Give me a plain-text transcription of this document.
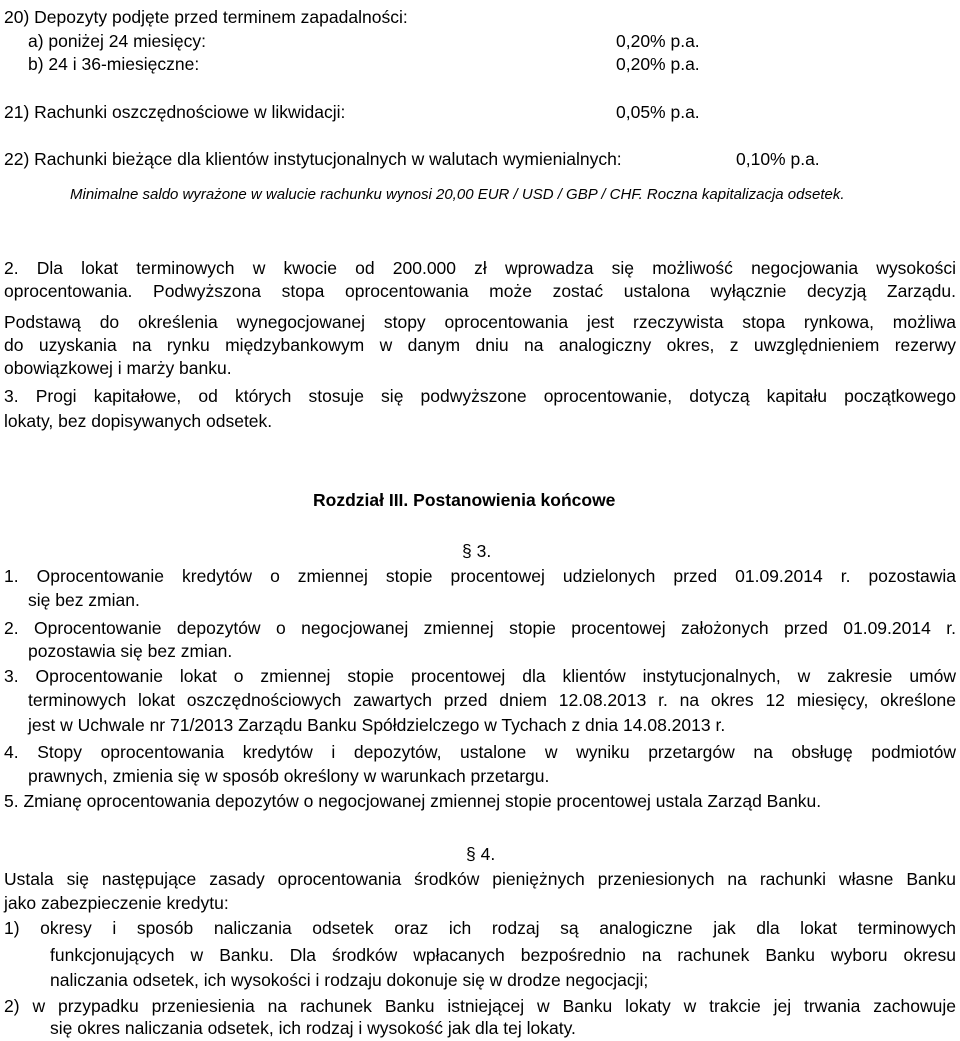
20) Depozyty podjęte przed terminem zapadalności:
a) poniżej 24 miesięcy:	0,20% p.a.
b) 24 i 36-miesięczne:	0,20% p.a.
21) Rachunki oszczędnościowe w likwidacji:	0,05% p.a.
22) Rachunki bieżące dla klientów instytucjonalnych w walutach wymienialnych:	0,10% p.a.
Minimalne saldo wyrażone w walucie rachunku wynosi 20,00 EUR / USD / GBP / CHF. Roczna kapitalizacja odsetek.
2. Dla lokat terminowych w kwocie od 200.000 zł wprowadza się możliwość negocjowania wysokości
oprocentowania. Podwyższona stopa oprocentowania może zostać ustalona wyłącznie decyzją Zarządu.
Podstawą do określenia wynegocjowanej stopy oprocentowania jest rzeczywista stopa rynkowa, możliwa
do uzyskania na rynku międzybankowym w danym dniu na analogiczny okres, z uwzględnieniem rezerwy
obowiązkowej i marży banku.
3. Progi kapitałowe, od których stosuje się podwyższone oprocentowanie, dotyczą kapitału początkowego
lokaty, bez dopisywanych odsetek.
Rozdział III. Postanowienia końcowe
§ 3.
1. Oprocentowanie kredytów o zmiennej stopie procentowej udzielonych przed 01.09.2014 r. pozostawia
się bez zmian.
2. Oprocentowanie depozytów o negocjowanej zmiennej stopie procentowej założonych przed 01.09.2014 r.
pozostawia się bez zmian.
3. Oprocentowanie lokat o zmiennej stopie procentowej dla klientów instytucjonalnych, w zakresie umów
terminowych lokat oszczędnościowych zawartych przed dniem 12.08.2013 r. na okres 12 miesięcy, określone
jest w Uchwale nr 71/2013 Zarządu Banku Spółdzielczego w Tychach z dnia 14.08.2013 r.
4. Stopy oprocentowania kredytów i depozytów, ustalone w wyniku przetargów na obsługę podmiotów
prawnych, zmienia się w sposób określony w warunkach przetargu.
5. Zmianę oprocentowania depozytów o negocjowanej zmiennej stopie procentowej ustala Zarząd Banku.
§ 4.
Ustala się następujące zasady oprocentowania środków pieniężnych przeniesionych na rachunki własne Banku
jako zabezpieczenie kredytu:
1) okresy i sposób naliczania odsetek oraz ich rodzaj są analogiczne jak dla lokat terminowych
funkcjonujących w Banku. Dla środków wpłacanych bezpośrednio na rachunek Banku wyboru okresu
naliczania odsetek, ich wysokości i rodzaju dokonuje się w drodze negocjacji;
2) w przypadku przeniesienia na rachunek Banku istniejącej w Banku lokaty w trakcie jej trwania zachowuje
się okres naliczania odsetek, ich rodzaj i wysokość jak dla tej lokaty.
